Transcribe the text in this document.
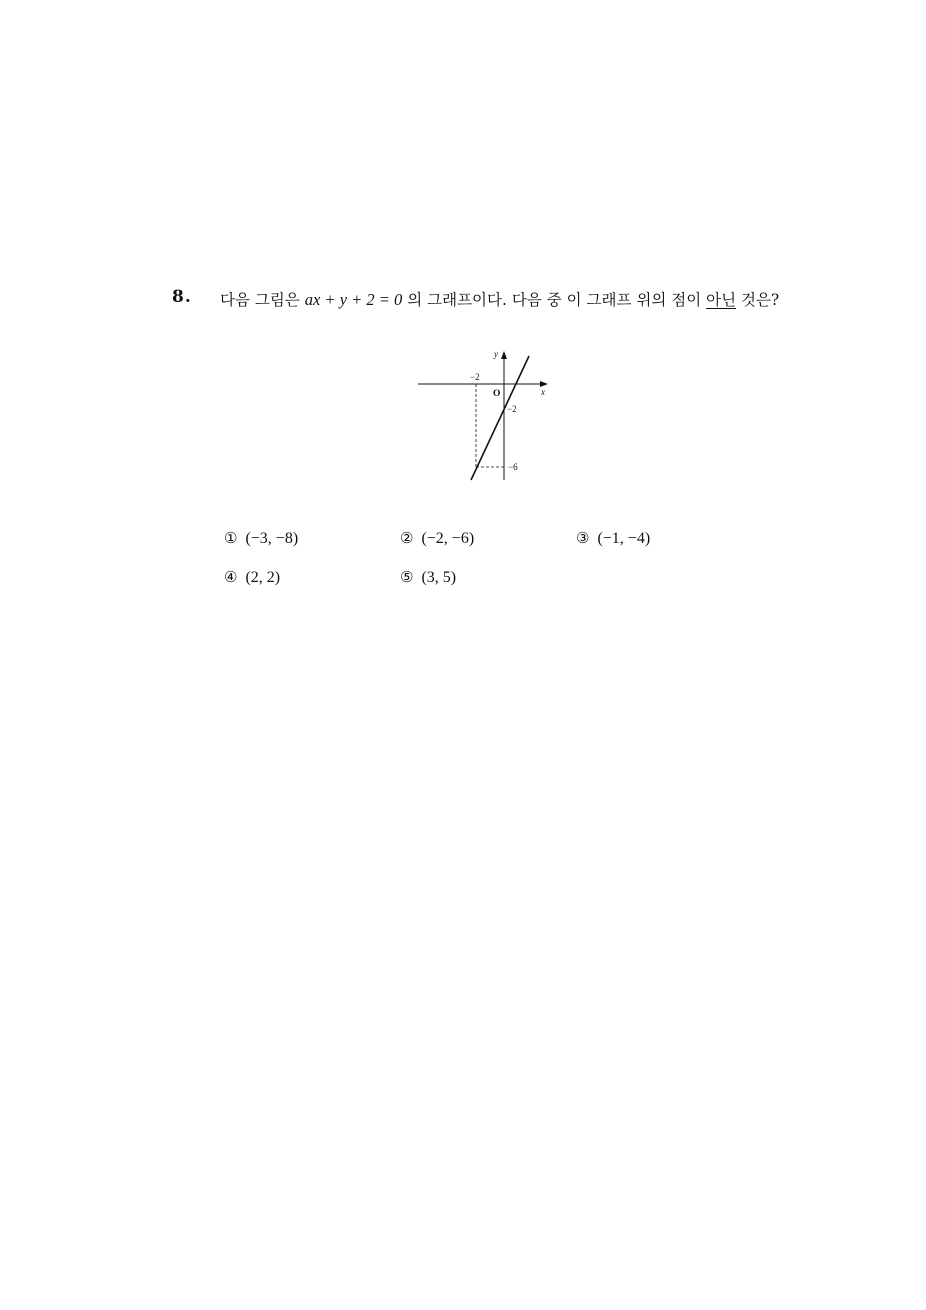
8. 다음 그림은 ax + y + 2 = 0 의 그래프이다. 다음 중 이 그래프 위의 점이 아닌 것은?
y
x
O
−2
−2
−6
① (−3, −8)	② (−2, −6)	③ (−1, −4)
④ (2, 2)	⑤ (3, 5)
